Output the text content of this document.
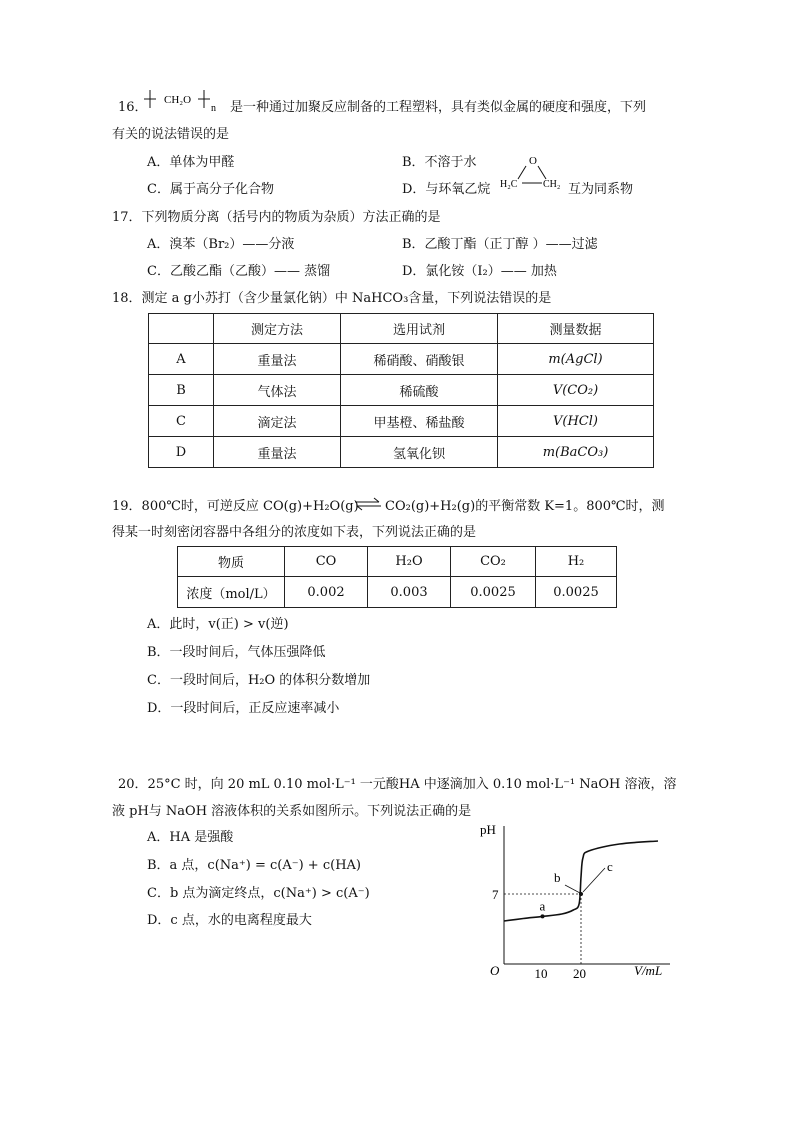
16． CH₂O
n 是一种通过加聚反应制备的工程塑料，具有类似金属的硬度和强度，下列
有关的说法错误的是
A．单体为甲醛	B．不溶于水
C．属于高分子化合物	D．与环氧乙烷
O
H₂C	CH₂ 互为同系物
17．下列物质分离（括号内的物质为杂质）方法正确的是
A．溴苯（Br₂）——分液	B．乙酸丁酯（正丁醇 ）——过滤
C．乙酸乙酯（乙酸）—— 蒸馏	D．氯化铵（I₂）—— 加热
18．测定 a g小苏打（含少量氯化钠）中 NaHCO₃含量，下列说法错误的是
	测定方法	选用试剂	测量数据
A	重量法	稀硝酸、硝酸银	m(AgCl)
B	气体法	稀硫酸	V(CO₂)
C	滴定法	甲基橙、稀盐酸	V(HCl)
D	重量法	氢氧化钡	m(BaCO₃)
19．800℃时，可逆反应 CO(g)+H₂O(g) ⇌ CO₂(g)+H₂(g)的平衡常数 K=1。800℃时，测
得某一时刻密闭容器中各组分的浓度如下表，下列说法正确的是
物质	CO	H₂O	CO₂	H₂
浓度（mol/L）	0.002	0.003	0.0025	0.0025
A．此时，v(正) > v(逆)
B．一段时间后，气体压强降低
C．一段时间后，H₂O 的体积分数增加
D．一段时间后，正反应速率减小
20．25°C 时，向 20 mL 0.10 mol·L⁻¹ 一元酸HA 中逐滴加入 0.10 mol·L⁻¹ NaOH 溶液，溶
液 pH与 NaOH 溶液体积的关系如图所示。下列说法正确的是
A．HA 是强酸
B．a 点，c(Na⁺) = c(A⁻) + c(HA)
C．b 点为滴定终点，c(Na⁺) > c(A⁻)
D．c 点，水的电离程度最大
pH
V/mL
O	10 20
7
a
b
c
